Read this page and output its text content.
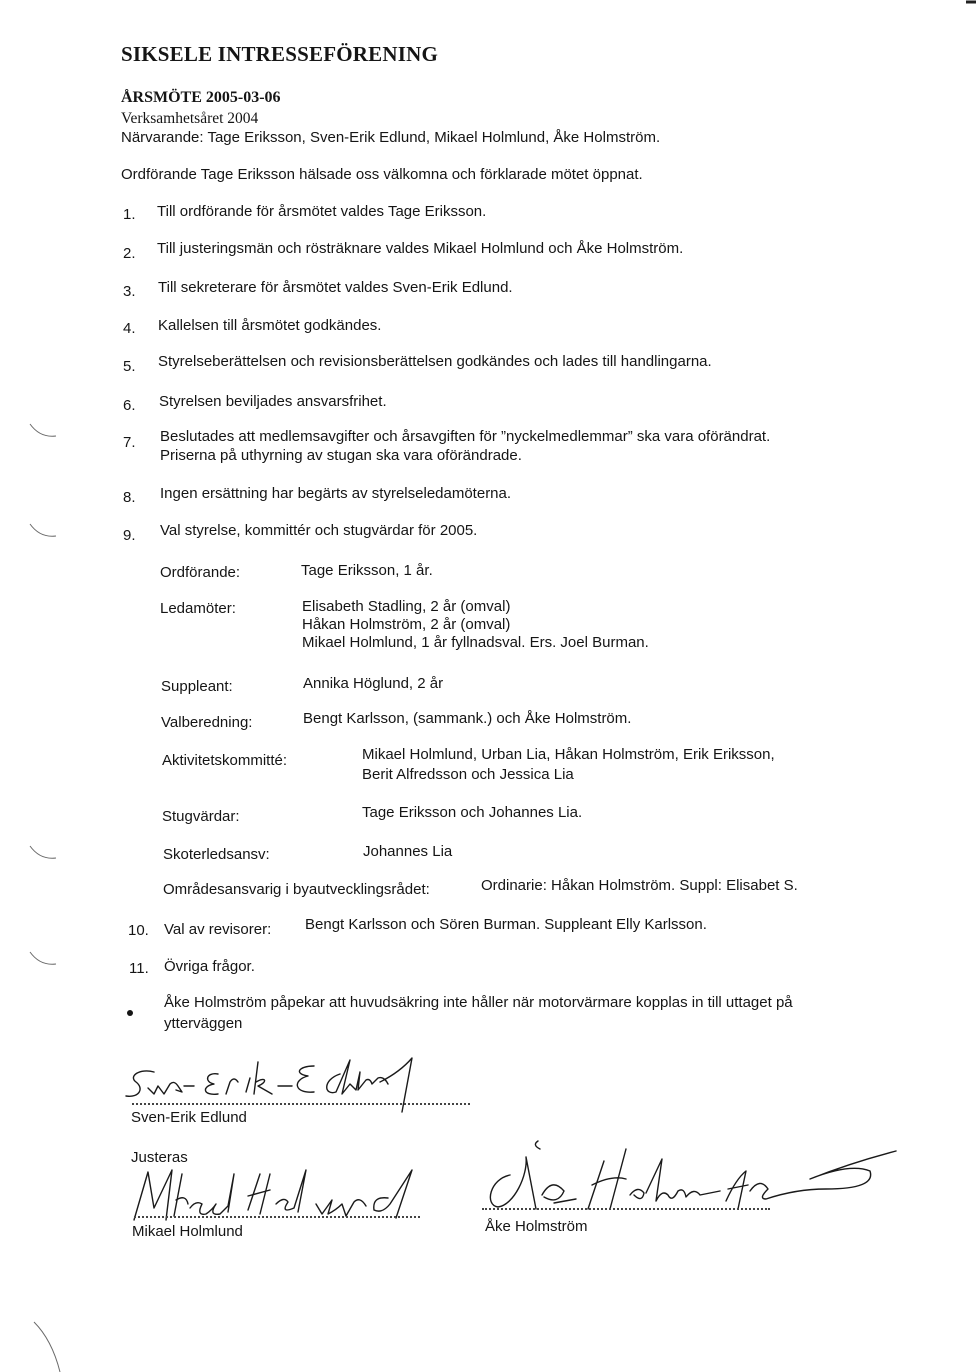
SIKSELE INTRESSEFÖRENING
ÅRSMÖTE 2005-03-06
Verksamhetsåret 2004
Närvarande: Tage Eriksson, Sven-Erik Edlund, Mikael Holmlund, Åke Holmström.
Ordförande Tage Eriksson hälsade oss välkomna och förklarade mötet öppnat.
1. Till ordförande för årsmötet valdes Tage Eriksson.
2. Till justeringsmän och rösträknare valdes Mikael Holmlund och Åke Holmström.
3. Till sekreterare för årsmötet valdes Sven-Erik Edlund.
4. Kallelsen till årsmötet godkändes.
5. Styrelseberättelsen och revisionsberättelsen godkändes och lades till handlingarna.
6. Styrelsen beviljades ansvarsfrihet.
7. Beslutades att medlemsavgifter och årsavgiften för ”nyckelmedlemmar” ska vara oförändrat.
Priserna på uthyrning av stugan ska vara oförändrade.
8. Ingen ersättning har begärts av styrelseledamöterna.
9. Val styrelse, kommittér och stugvärdar för 2005.
Ordförande:	Tage Eriksson, 1 år.
Ledamöter:	Elisabeth Stadling, 2 år (omval)
Håkan Holmström, 2 år (omval)
Mikael Holmlund, 1 år fyllnadsval. Ers. Joel Burman.
Suppleant:	Annika Höglund, 2 år
Valberedning:	Bengt Karlsson, (sammank.) och Åke Holmström.
Aktivitetskommitté:	Mikael Holmlund, Urban Lia, Håkan Holmström, Erik Eriksson,
Berit Alfredsson och Jessica Lia
Stugvärdar:	Tage Eriksson och Johannes Lia.
Skoterledsansv:	Johannes Lia
Områdesansvarig i byautvecklingsrådet:	Ordinarie: Håkan Holmström. Suppl: Elisabet S.
10. Val av revisorer: Bengt Karlsson och Sören Burman. Suppleant Elly Karlsson.
11. Övriga frågor.
Åke Holmström påpekar att huvudsäkring inte håller när motorvärmare kopplas in till uttaget på
ytterväggen
Sven-Erik Edlund
Justeras
Mikael Holmlund	Åke Holmström
